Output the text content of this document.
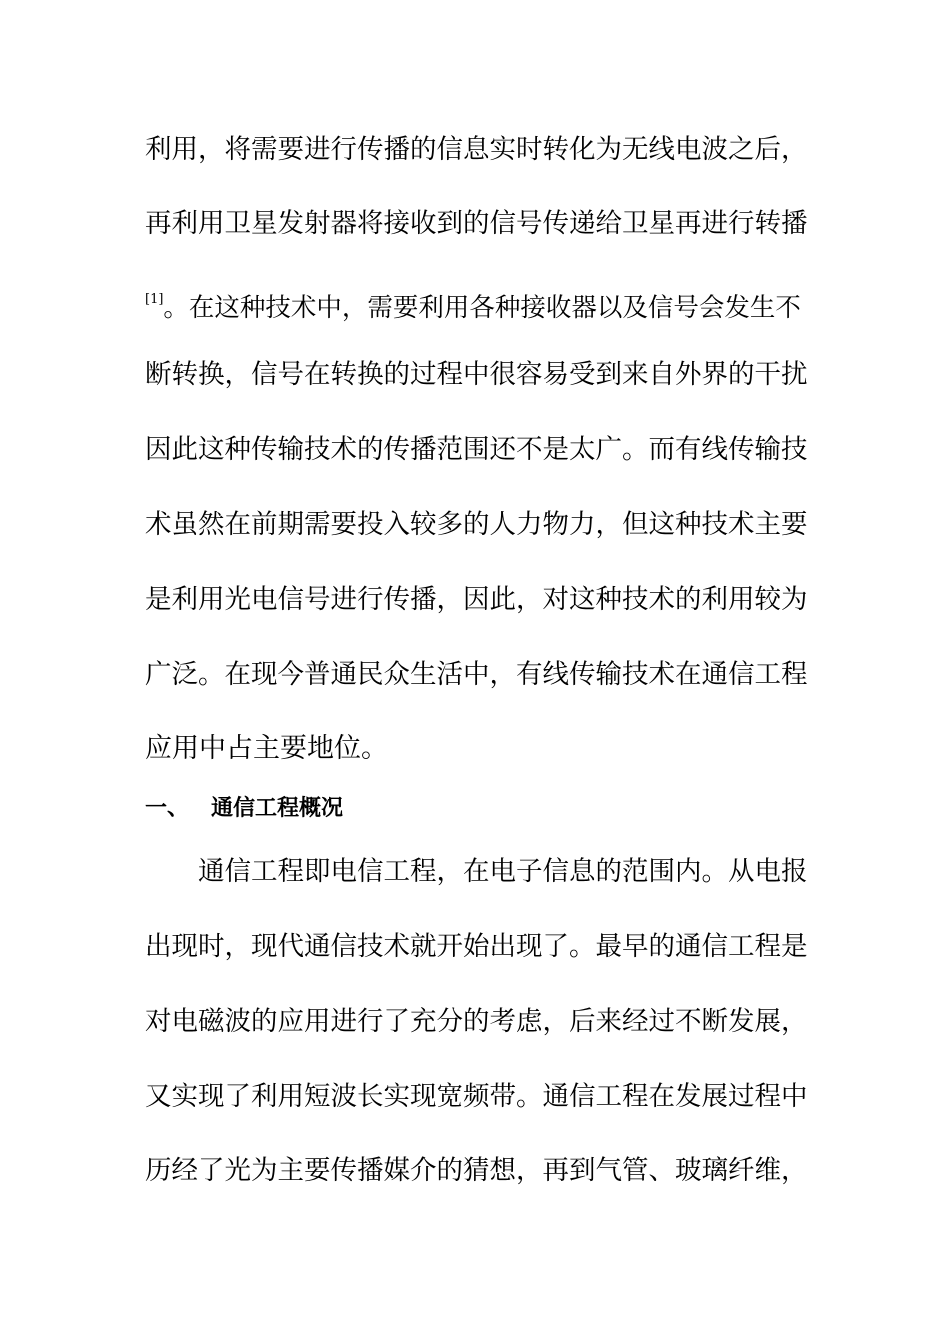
利用，将需要进行传播的信息实时转化为无线电波之后，
再利用卫星发射器将接收到的信号传递给卫星再进行转播
[1]。在这种技术中，需要利用各种接收器以及信号会发生不
断转换，信号在转换的过程中很容易受到来自外界的干扰
因此这种传输技术的传播范围还不是太广。而有线传输技
术虽然在前期需要投入较多的人力物力，但这种技术主要
是利用光电信号进行传播，因此，对这种技术的利用较为
广泛。在现今普通民众生活中，有线传输技术在通信工程
应用中占主要地位。
一、 通信工程概况
通信工程即电信工程，在电子信息的范围内。从电报
出现时，现代通信技术就开始出现了。最早的通信工程是
对电磁波的应用进行了充分的考虑，后来经过不断发展，
又实现了利用短波长实现宽频带。通信工程在发展过程中
历经了光为主要传播媒介的猜想，再到气管、玻璃纤维，
